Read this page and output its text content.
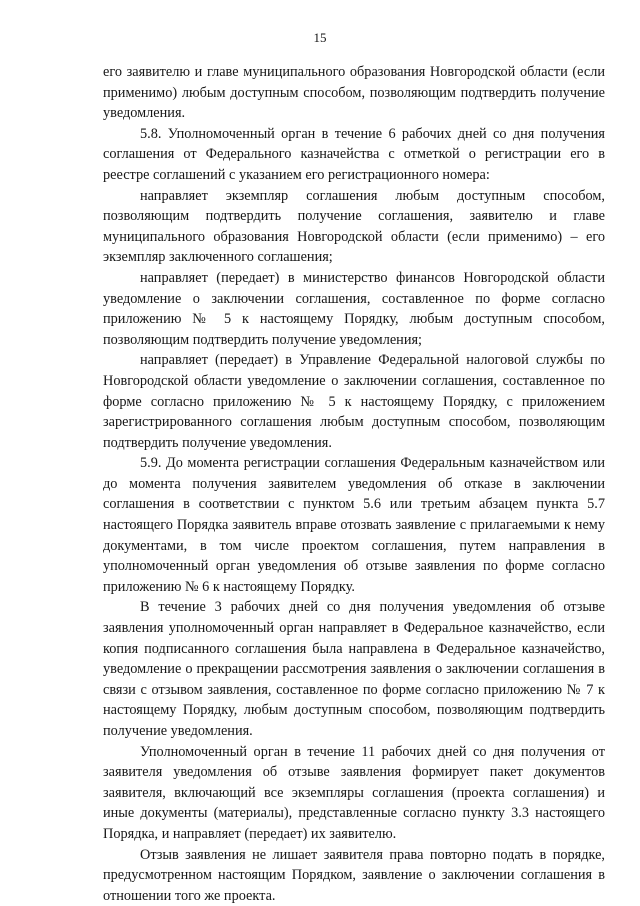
15

его заявителю и главе муниципального образования Новгородской области (если применимо) любым доступным способом, позволяющим подтвердить получение уведомления.

5.8. Уполномоченный орган в течение 6 рабочих дней со дня получения соглашения от Федерального казначейства с отметкой о регистрации его в реестре соглашений с указанием его регистрационного номера:

направляет экземпляр соглашения любым доступным способом, позволяющим подтвердить получение соглашения, заявителю и главе муниципального образования Новгородской области (если применимо) – его экземпляр заключенного соглашения;

направляет (передает) в министерство финансов Новгородской области уведомление о заключении соглашения, составленное по форме согласно приложению № 5 к настоящему Порядку, любым доступным способом, позволяющим подтвердить получение уведомления;

направляет (передает) в Управление Федеральной налоговой службы по Новгородской области уведомление о заключении соглашения, составленное по форме согласно приложению № 5 к настоящему Порядку, с приложением зарегистрированного соглашения любым доступным способом, позволяющим подтвердить получение уведомления.

5.9. До момента регистрации соглашения Федеральным казначейством или до момента получения заявителем уведомления об отказе в заключении соглашения в соответствии с пунктом 5.6 или третьим абзацем пункта 5.7 настоящего Порядка заявитель вправе отозвать заявление с прилагаемыми к нему документами, в том числе проектом соглашения, путем направления в уполномоченный орган уведомления об отзыве заявления по форме согласно приложению № 6 к настоящему Порядку.

В течение 3 рабочих дней со дня получения уведомления об отзыве заявления уполномоченный орган направляет в Федеральное казначейство, если копия подписанного соглашения была направлена в Федеральное казначейство, уведомление о прекращении рассмотрения заявления о заключении соглашения в связи с отзывом заявления, составленное по форме согласно приложению № 7 к настоящему Порядку, любым доступным способом, позволяющим подтвердить получение уведомления.

Уполномоченный орган в течение 11 рабочих дней со дня получения от заявителя уведомления об отзыве заявления формирует пакет документов заявителя, включающий все экземпляры соглашения (проекта соглашения) и иные документы (материалы), представленные согласно пункту 3.3 настоящего Порядка, и направляет (передает) их заявителю.

Отзыв заявления не лишает заявителя права повторно подать в порядке, предусмотренном настоящим Порядком, заявление о заключении соглашения в отношении того же проекта.
